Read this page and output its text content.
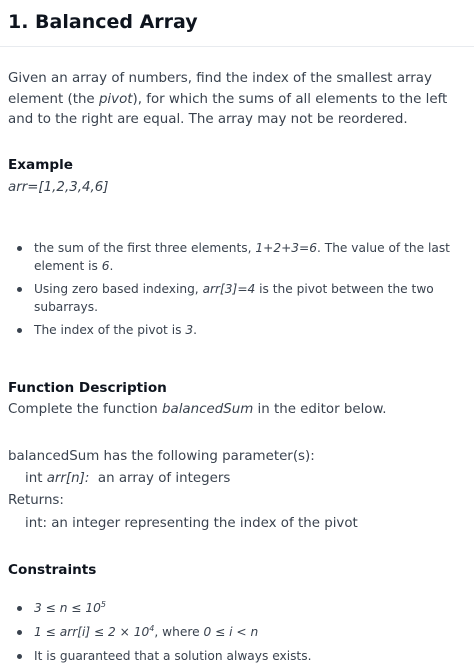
1. Balanced Array

Given an array of numbers, find the index of the smallest array element (the pivot), for which the sums of all elements to the left and to the right are equal. The array may not be reordered.

Example
arr=[1,2,3,4,6]
the sum of the first three elements, 1+2+3=6. The value of the last element is 6.
Using zero based indexing, arr[3]=4 is the pivot between the two subarrays.
The index of the pivot is 3.
Function Description
Complete the function balancedSum in the editor below.
balancedSum has the following parameter(s):
int arr[n]:  an array of integers
Returns:
int: an integer representing the index of the pivot
Constraints
$3 \le n \le 10^5$
$1 \le arr[i] \le 2 \times 10^4$, where 0 ≤ i < n
It is guaranteed that a solution always exists.
